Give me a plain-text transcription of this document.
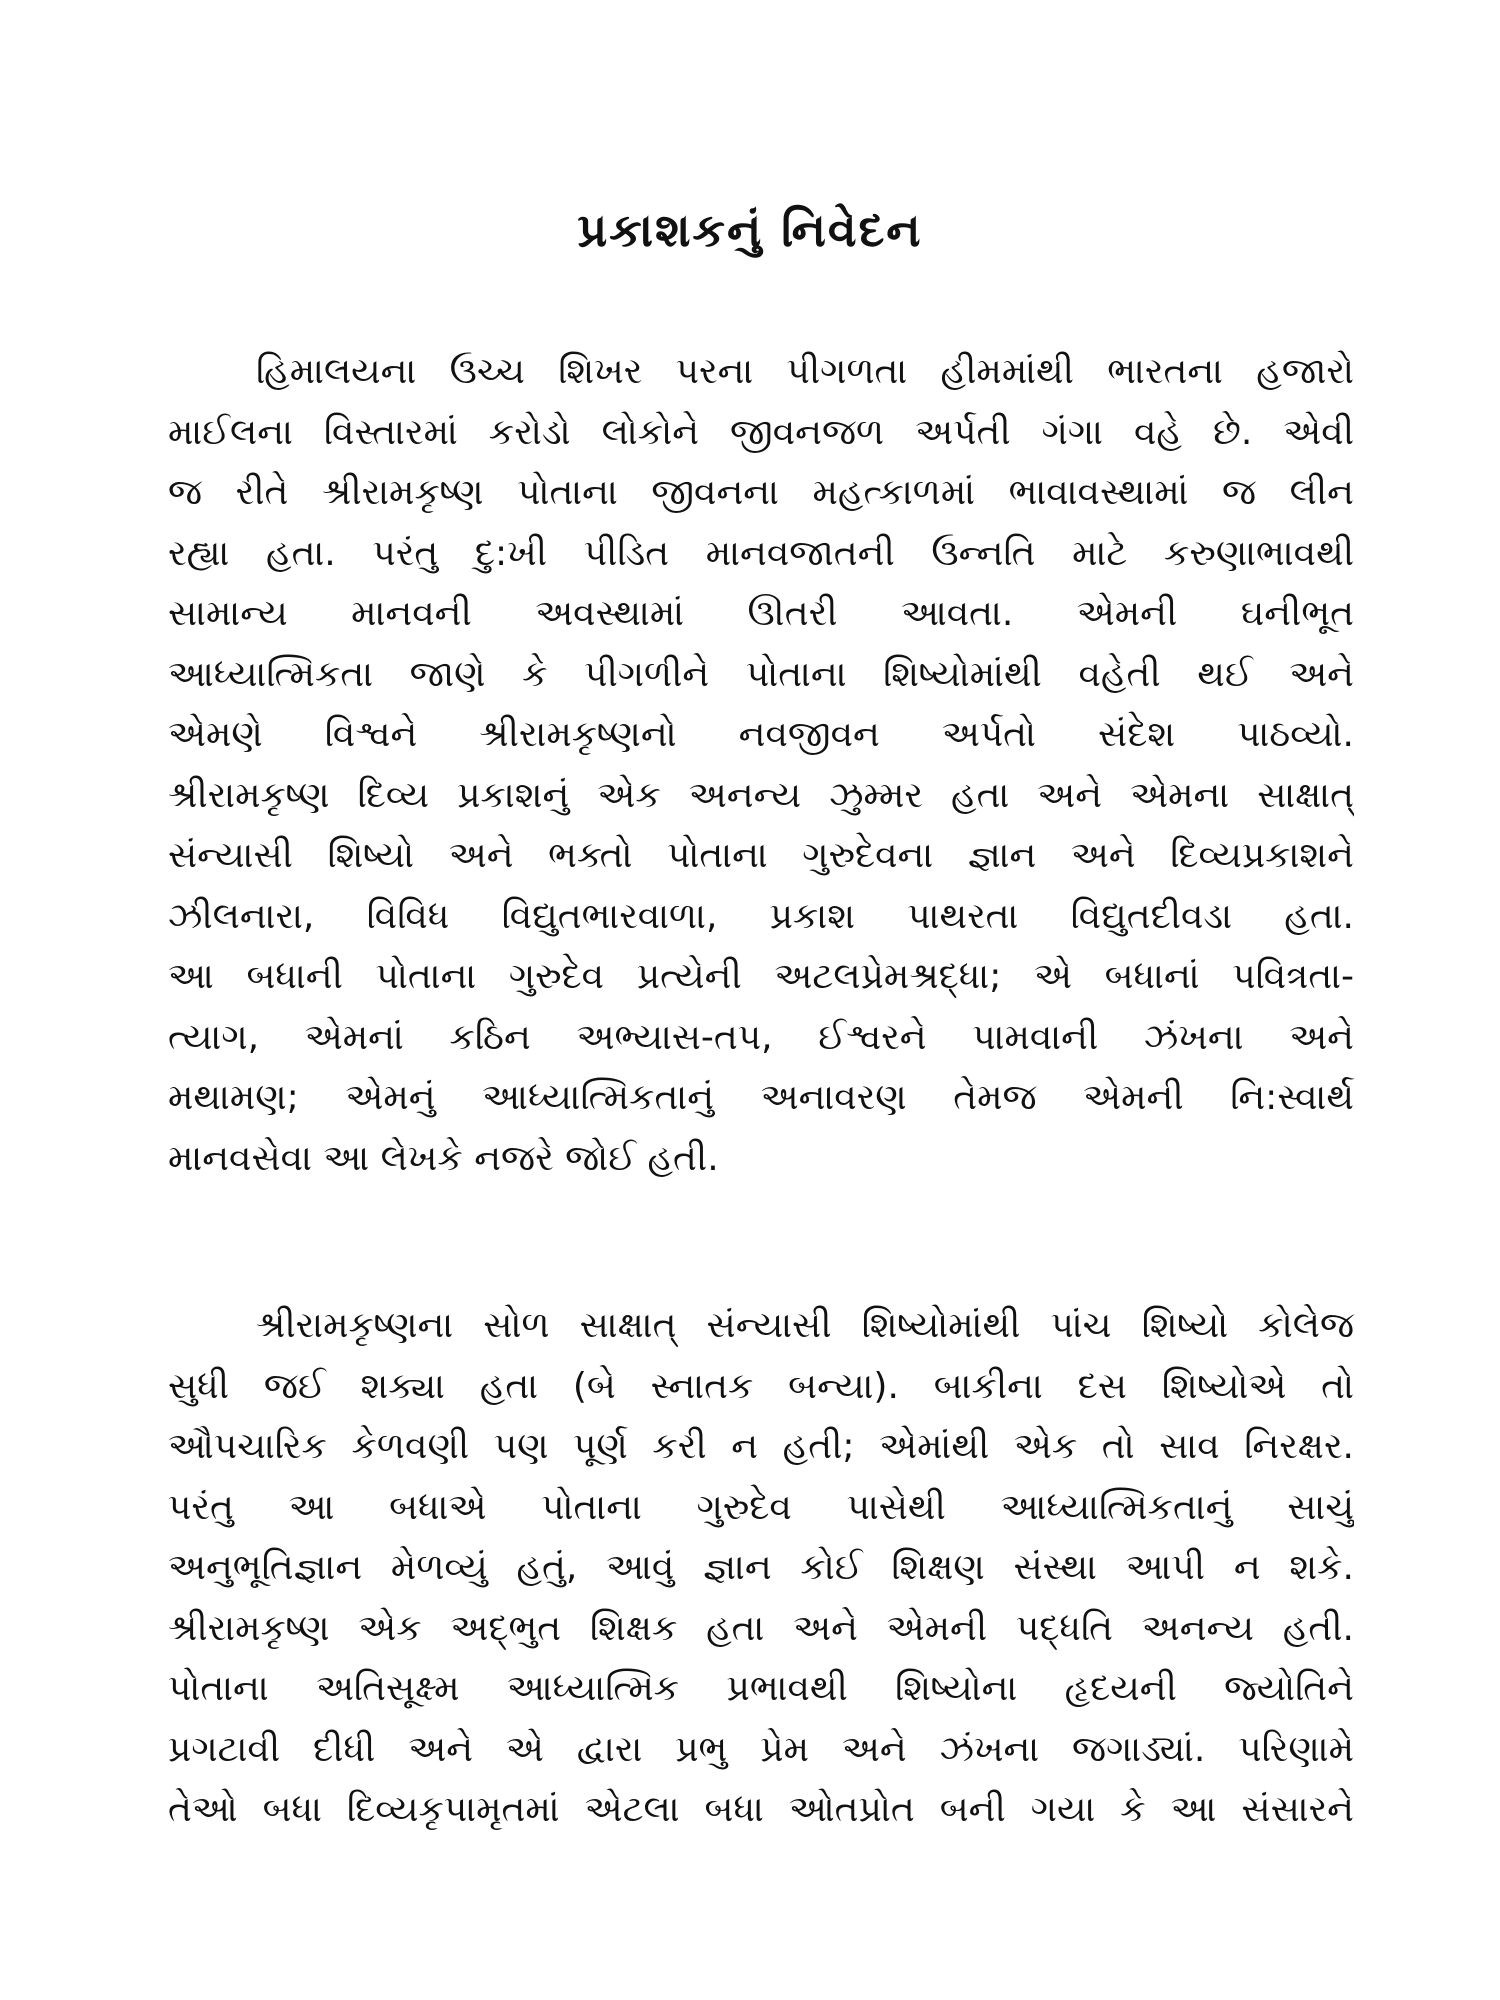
પ્રકાશકનું નિવેદન
હિમાલયના ઉચ્ચ શિખર પરના પીગળતા હીમમાંથી ભારતના હજારો
માઈલના વિસ્તારમાં કરોડો લોકોને જીવનજળ અર્પતી ગંગા વહે છે. એવી
જ રીતે શ્રીરામકૃષ્ણ પોતાના જીવનના મહત્કાળમાં ભાવાવસ્થામાં જ લીન
રહ્યા હતા. પરંતુ દુ:ખી પીડિત માનવજાતની ઉન્નતિ માટે કરુણાભાવથી
સામાન્ય માનવની અવસ્થામાં ઊતરી આવતા. એમની ઘનીભૂત
આધ્યાત્મિકતા જાણે કે પીગળીને પોતાના શિષ્યોમાંથી વહેતી થઈ અને
એમણે વિશ્વને શ્રીરામકૃષ્ણનો નવજીવન અર્પતો સંદેશ પાઠવ્યો.
શ્રીરામકૃષ્ણ દિવ્ય પ્રકાશનું એક અનન્ય ઝુમ્મર હતા અને એમના સાક્ષાત્
સંન્યાસી શિષ્યો અને ભક્તો પોતાના ગુરુદેવના જ્ઞાન અને દિવ્યપ્રકાશને
ઝીલનારા, વિવિધ વિદ્યુતભારવાળા, પ્રકાશ પાથરતા વિદ્યુતદીવડા હતા.
આ બધાની પોતાના ગુરુદેવ પ્રત્યેની અટલપ્રેમશ્રદ્ધા; એ બધાનાં પવિત્રતા-
ત્યાગ, એમનાં કઠિન અભ્યાસ-તપ, ઈશ્વરને પામવાની ઝંખના અને
મથામણ; એમનું આધ્યાત્મિકતાનું અનાવરણ તેમજ એમની નિ:સ્વાર્થ
માનવસેવા આ લેખકે નજરે જોઈ હતી.
શ્રીરામકૃષ્ણના સોળ સાક્ષાત્ સંન્યાસી શિષ્યોમાંથી પાંચ શિષ્યો કોલેજ
સુધી જઈ શક્યા હતા (બે સ્નાતક બન્યા). બાકીના દસ શિષ્યોએ તો
ઔપચારિક કેળવણી પણ પૂર્ણ કરી ન હતી; એમાંથી એક તો સાવ નિરક્ષર.
પરંતુ આ બધાએ પોતાના ગુરુદેવ પાસેથી આધ્યાત્મિકતાનું સાચું
અનુભૂતિજ્ઞાન મેળવ્યું હતું, આવું જ્ઞાન કોઈ શિક્ષણ સંસ્થા આપી ન શકે.
શ્રીરામકૃષ્ણ એક અદ્ભુત શિક્ષક હતા અને એમની પદ્ધતિ અનન્ય હતી.
પોતાના અતિસૂક્ષ્મ આધ્યાત્મિક પ્રભાવથી શિષ્યોના હૃદયની જ્યોતિને
પ્રગટાવી દીધી અને એ દ્વારા પ્રભુ પ્રેમ અને ઝંખના જગાડ્યાં. પરિણામે
તેઓ બધા દિવ્યકૃપામૃતમાં એટલા બધા ઓતપ્રોત બની ગયા કે આ સંસારને
